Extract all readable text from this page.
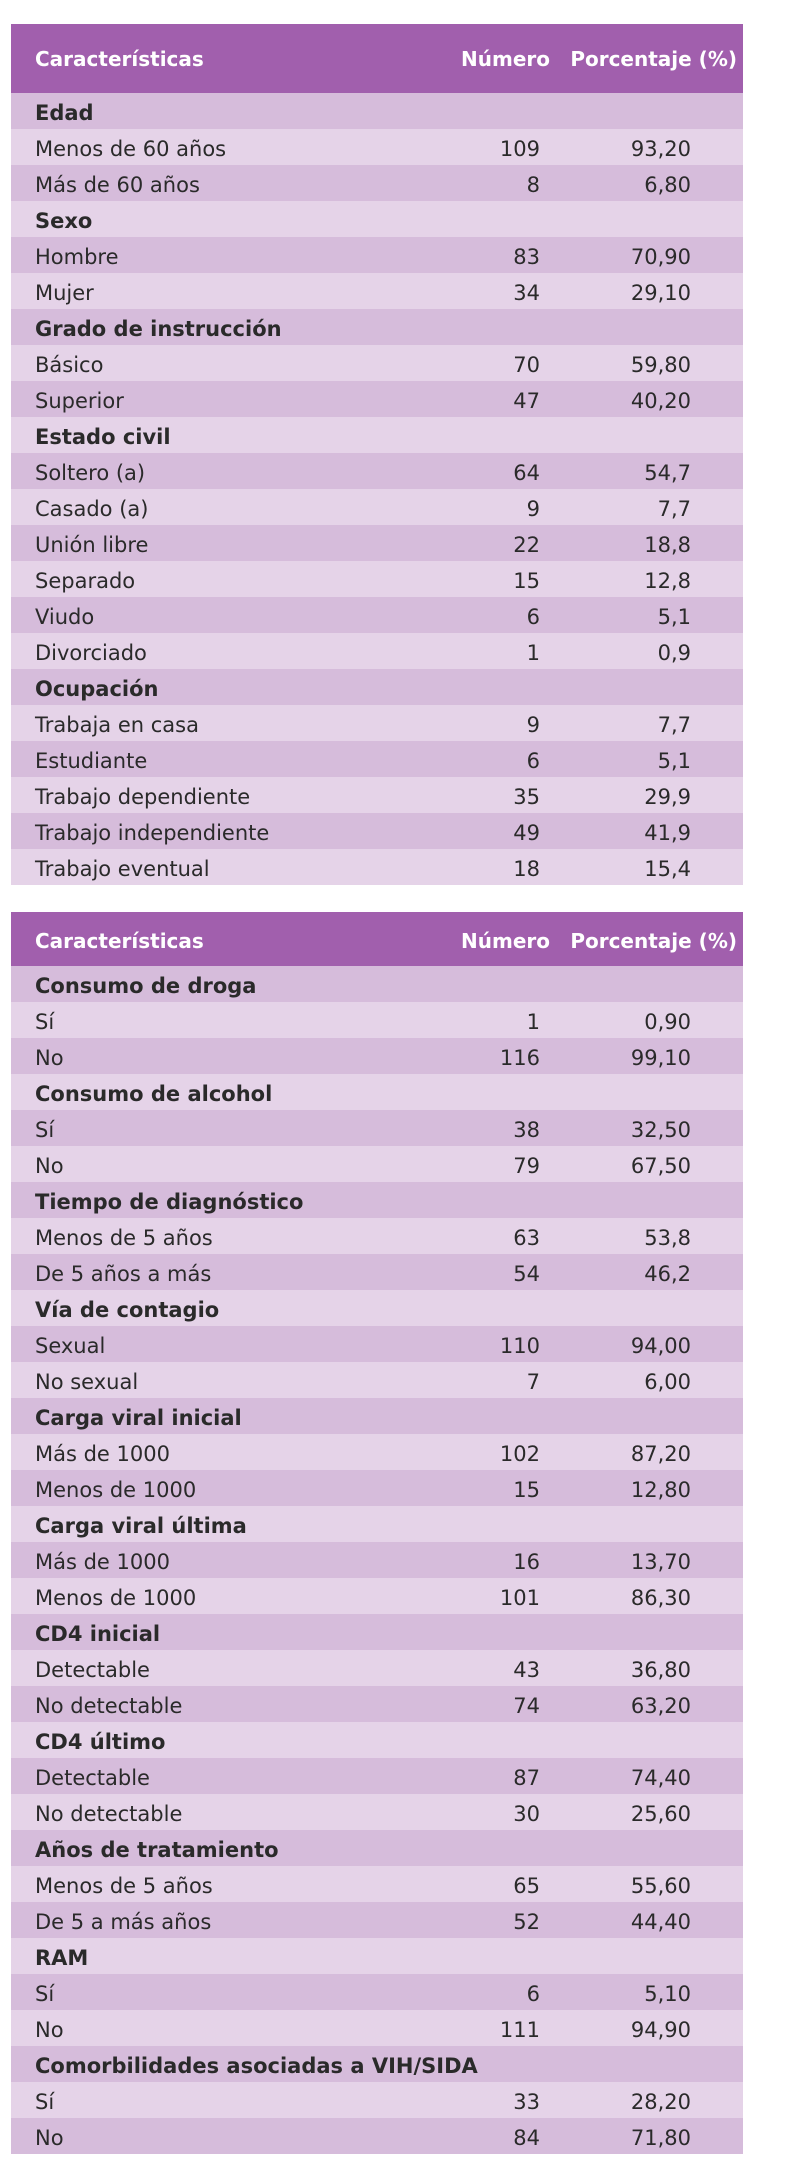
Características	Número Porcentaje (%)
Edad
Menos de 60 años	109	93,20
Más de 60 años	8	6,80
Sexo
Hombre	83	70,90
Mujer	34	29,10
Grado de instrucción
Básico	70	59,80
Superior	47	40,20
Estado civil
Soltero (a)	64	54,7
Casado (a)	9	7,7
Unión libre	22	18,8
Separado	15	12,8
Viudo	6	5,1
Divorciado	1	0,9
Ocupación
Trabaja en casa	9	7,7
Estudiante	6	5,1
Trabajo dependiente	35	29,9
Trabajo independiente	49	41,9
Trabajo eventual	18	15,4
Características	Número Porcentaje (%)
Consumo de droga
Sí	1	0,90
No	116	99,10
Consumo de alcohol
Sí	38	32,50
No	79	67,50
Tiempo de diagnóstico
Menos de 5 años	63	53,8
De 5 años a más	54	46,2
Vía de contagio
Sexual	110	94,00
No sexual	7	6,00
Carga viral inicial
Más de 1000	102	87,20
Menos de 1000	15	12,80
Carga viral última
Más de 1000	16	13,70
Menos de 1000	101	86,30
CD4 inicial
Detectable	43	36,80
No detectable	74	63,20
CD4 último
Detectable	87	74,40
No detectable	30	25,60
Años de tratamiento
Menos de 5 años	65	55,60
De 5 a más años	52	44,40
RAM
Sí	6	5,10
No	111	94,90
Comorbilidades asociadas a VIH/SIDA
Sí	33	28,20
No	84	71,80
